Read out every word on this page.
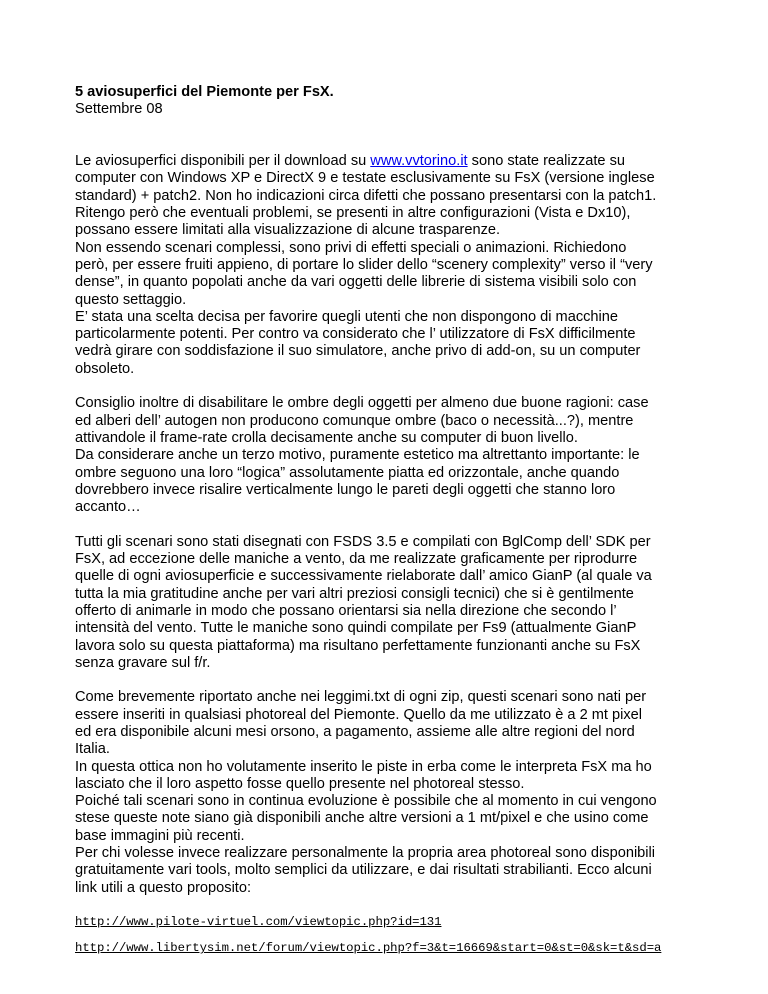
5 aviosuperfici del Piemonte per FsX.
Settembre 08

Le aviosuperfici disponibili per il download su www.vvtorino.it sono state realizzate su
computer con Windows XP e DirectX 9 e testate esclusivamente su FsX (versione inglese
standard) + patch2. Non ho indicazioni circa difetti che possano presentarsi con la patch1.
Ritengo però che eventuali problemi, se presenti in altre configurazioni (Vista e Dx10),
possano essere limitati alla visualizzazione di alcune trasparenze.
Non essendo scenari complessi, sono privi di effetti speciali o animazioni. Richiedono
però, per essere fruiti appieno, di portare lo slider dello “scenery complexity” verso il “very
dense”, in quanto popolati anche da vari oggetti delle librerie di sistema visibili solo con
questo settaggio.
E’ stata una scelta decisa per favorire quegli utenti che non dispongono di macchine
particolarmente potenti. Per contro va considerato che l’ utilizzatore di FsX difficilmente
vedrà girare con soddisfazione il suo simulatore, anche privo di add-on, su un computer
obsoleto.

Consiglio inoltre di disabilitare le ombre degli oggetti per almeno due buone ragioni: case
ed alberi dell’ autogen non producono comunque ombre (baco o necessità...?), mentre
attivandole il frame-rate crolla decisamente anche su computer di buon livello.
Da considerare anche un terzo motivo, puramente estetico ma altrettanto importante: le
ombre seguono una loro “logica” assolutamente piatta ed orizzontale, anche quando
dovrebbero invece risalire verticalmente lungo le pareti degli oggetti che stanno loro
accanto…

Tutti gli scenari sono stati disegnati con FSDS 3.5 e compilati con BglComp dell’ SDK per
FsX, ad eccezione delle maniche a vento, da me realizzate graficamente per riprodurre
quelle di ogni aviosuperficie e successivamente rielaborate dall’ amico GianP (al quale va
tutta la mia gratitudine anche per vari altri preziosi consigli tecnici) che si è gentilmente
offerto di animarle in modo che possano orientarsi sia nella direzione che secondo l’
intensità del vento. Tutte le maniche sono quindi compilate per Fs9 (attualmente GianP
lavora solo su questa piattaforma) ma risultano perfettamente funzionanti anche su FsX
senza gravare sul f/r.

Come brevemente riportato anche nei leggimi.txt di ogni zip, questi scenari sono nati per
essere inseriti in qualsiasi photoreal del Piemonte. Quello da me utilizzato è a 2 mt pixel
ed era disponibile alcuni mesi orsono, a pagamento, assieme alle altre regioni del nord
Italia.
In questa ottica non ho volutamente inserito le piste in erba come le interpreta FsX ma ho
lasciato che il loro aspetto fosse quello presente nel photoreal stesso.
Poiché tali scenari sono in continua evoluzione è possibile che al momento in cui vengono
stese queste note siano già disponibili anche altre versioni a 1 mt/pixel e che usino come
base immagini più recenti.
Per chi volesse invece realizzare personalmente la propria area photoreal sono disponibili
gratuitamente vari tools, molto semplici da utilizzare, e dai risultati strabilianti. Ecco alcuni
link utili a questo proposito:

http://www.pilote-virtuel.com/viewtopic.php?id=131
http://www.libertysim.net/forum/viewtopic.php?f=3&t=16669&start=0&st=0&sk=t&sd=a
